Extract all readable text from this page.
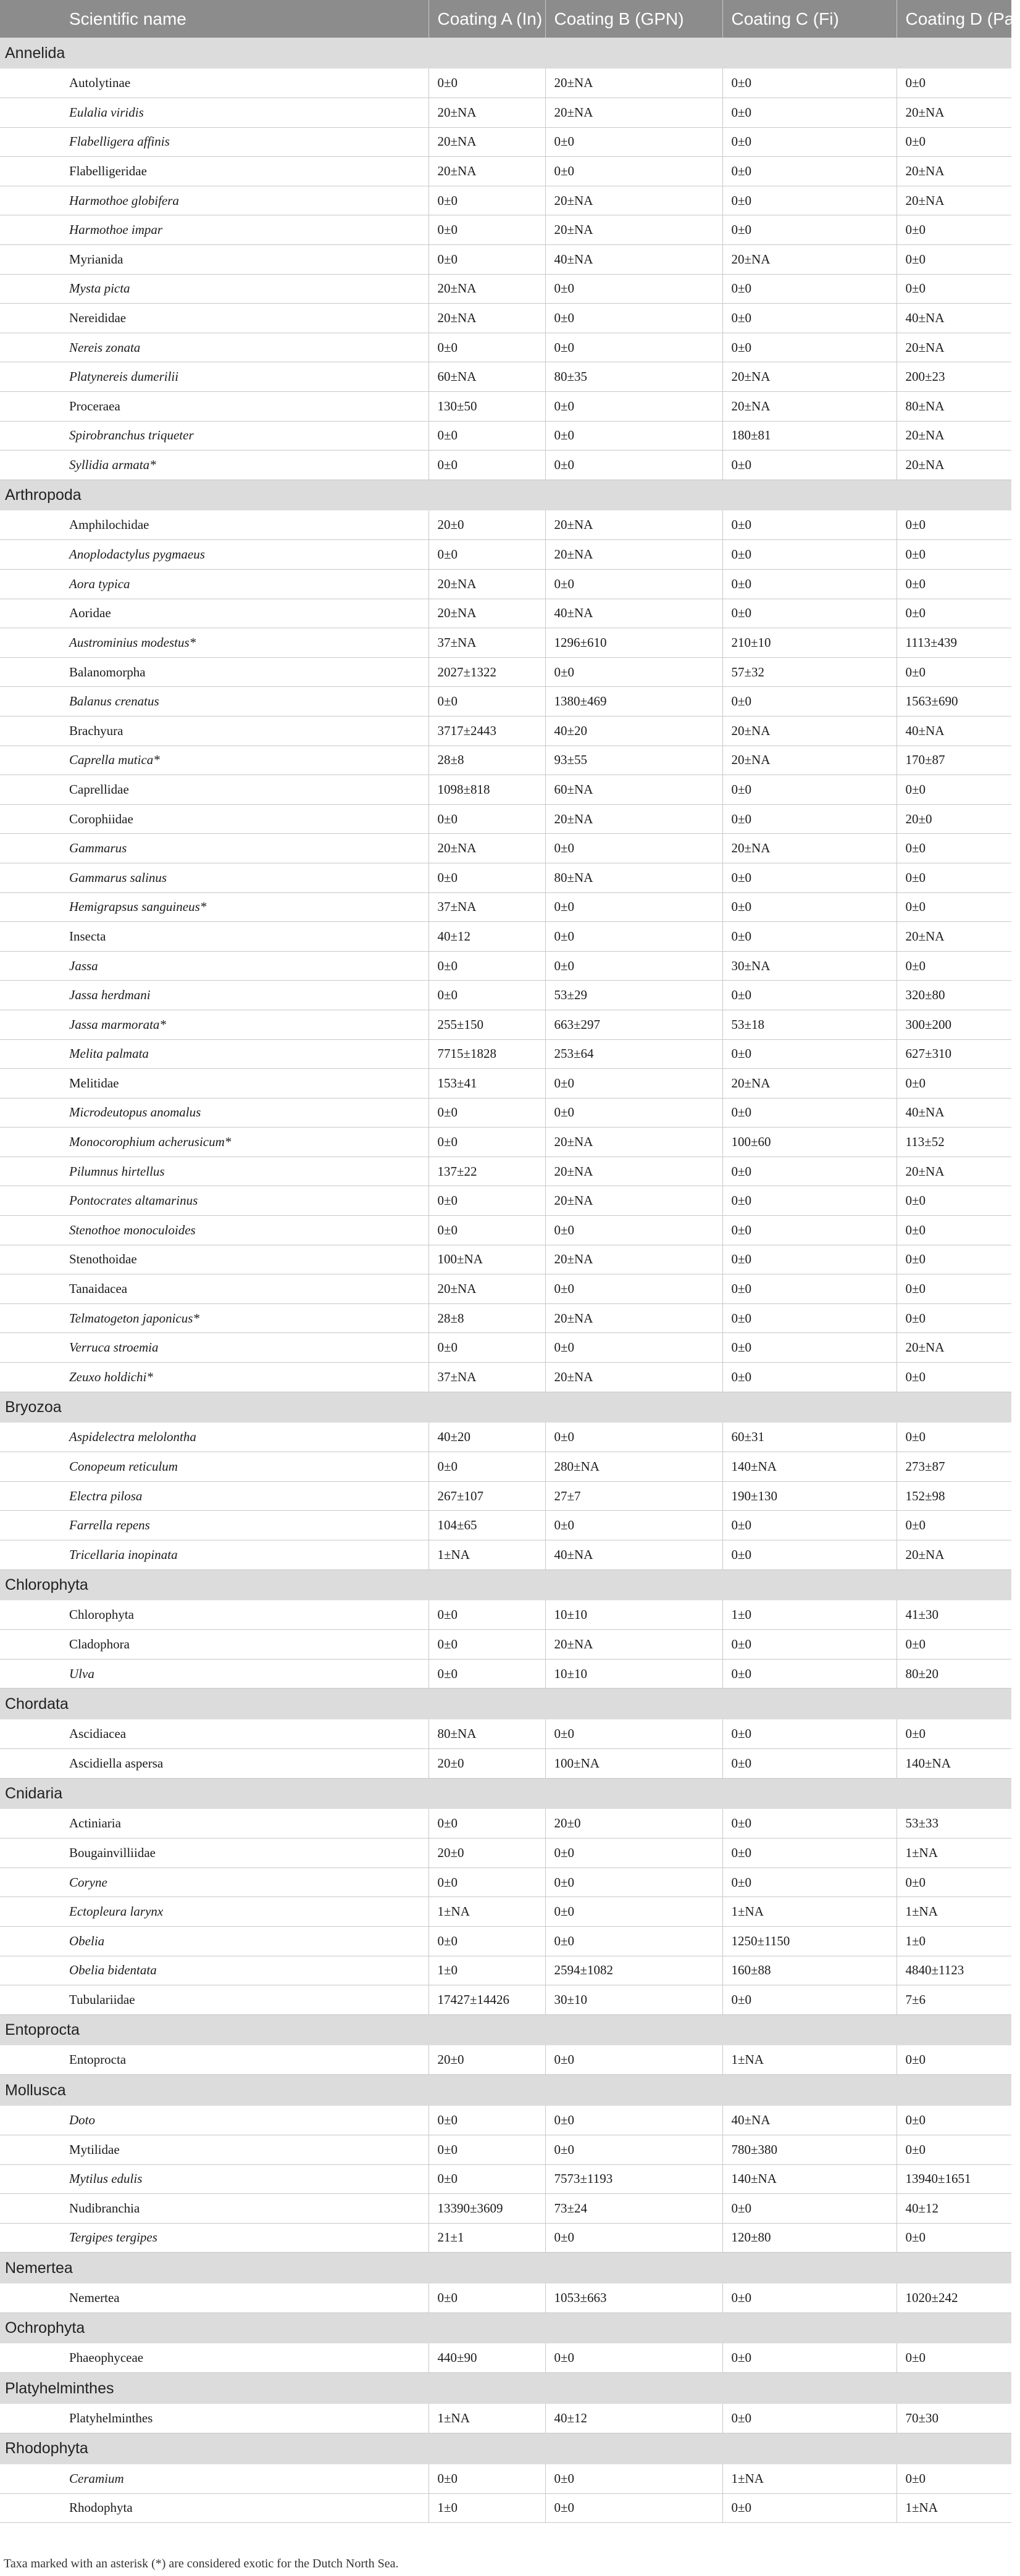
Scientific name	Coating A (In)	Coating B (GPN)	Coating C (Fi)	Coating D (Pa)
Annelida				
Autolytinae	0±0	20±NA	0±0	0±0
Eulalia viridis	20±NA	20±NA	0±0	20±NA
Flabelligera affinis	20±NA	0±0	0±0	0±0
Flabelligeridae	20±NA	0±0	0±0	20±NA
Harmothoe globifera	0±0	20±NA	0±0	20±NA
Harmothoe impar	0±0	20±NA	0±0	0±0
Myrianida	0±0	40±NA	20±NA	0±0
Mysta picta	20±NA	0±0	0±0	0±0
Nereididae	20±NA	0±0	0±0	40±NA
Nereis zonata	0±0	0±0	0±0	20±NA
Platynereis dumerilii	60±NA	80±35	20±NA	200±23
Proceraea	130±50	0±0	20±NA	80±NA
Spirobranchus triqueter	0±0	0±0	180±81	20±NA
Syllidia armata*	0±0	0±0	0±0	20±NA
Arthropoda				
Amphilochidae	20±0	20±NA	0±0	0±0
Anoplodactylus pygmaeus	0±0	20±NA	0±0	0±0
Aora typica	20±NA	0±0	0±0	0±0
Aoridae	20±NA	40±NA	0±0	0±0
Austrominius modestus*	37±NA	1296±610	210±10	1113±439
Balanomorpha	2027±1322	0±0	57±32	0±0
Balanus crenatus	0±0	1380±469	0±0	1563±690
Brachyura	3717±2443	40±20	20±NA	40±NA
Caprella mutica*	28±8	93±55	20±NA	170±87
Caprellidae	1098±818	60±NA	0±0	0±0
Corophiidae	0±0	20±NA	0±0	20±0
Gammarus	20±NA	0±0	20±NA	0±0
Gammarus salinus	0±0	80±NA	0±0	0±0
Hemigrapsus sanguineus*	37±NA	0±0	0±0	0±0
Insecta	40±12	0±0	0±0	20±NA
Jassa	0±0	0±0	30±NA	0±0
Jassa herdmani	0±0	53±29	0±0	320±80
Jassa marmorata*	255±150	663±297	53±18	300±200
Melita palmata	7715±1828	253±64	0±0	627±310
Melitidae	153±41	0±0	20±NA	0±0
Microdeutopus anomalus	0±0	0±0	0±0	40±NA
Monocorophium acherusicum*	0±0	20±NA	100±60	113±52
Pilumnus hirtellus	137±22	20±NA	0±0	20±NA
Pontocrates altamarinus	0±0	20±NA	0±0	0±0
Stenothoe monoculoides	0±0	0±0	0±0	0±0
Stenothoidae	100±NA	20±NA	0±0	0±0
Tanaidacea	20±NA	0±0	0±0	0±0
Telmatogeton japonicus*	28±8	20±NA	0±0	0±0
Verruca stroemia	0±0	0±0	0±0	20±NA
Zeuxo holdichi*	37±NA	20±NA	0±0	0±0
Bryozoa				
Aspidelectra melolontha	40±20	0±0	60±31	0±0
Conopeum reticulum	0±0	280±NA	140±NA	273±87
Electra pilosa	267±107	27±7	190±130	152±98
Farrella repens	104±65	0±0	0±0	0±0
Tricellaria inopinata	1±NA	40±NA	0±0	20±NA
Chlorophyta				
Chlorophyta	0±0	10±10	1±0	41±30
Cladophora	0±0	20±NA	0±0	0±0
Ulva	0±0	10±10	0±0	80±20
Chordata				
Ascidiacea	80±NA	0±0	0±0	0±0
Ascidiella aspersa	20±0	100±NA	0±0	140±NA
Cnidaria				
Actiniaria	0±0	20±0	0±0	53±33
Bougainvilliidae	20±0	0±0	0±0	1±NA
Coryne	0±0	0±0	0±0	0±0
Ectopleura larynx	1±NA	0±0	1±NA	1±NA
Obelia	0±0	0±0	1250±1150	1±0
Obelia bidentata	1±0	2594±1082	160±88	4840±1123
Tubulariidae	17427±14426	30±10	0±0	7±6
Entoprocta				
Entoprocta	20±0	0±0	1±NA	0±0
Mollusca				
Doto	0±0	0±0	40±NA	0±0
Mytilidae	0±0	0±0	780±380	0±0
Mytilus edulis	0±0	7573±1193	140±NA	13940±1651
Nudibranchia	13390±3609	73±24	0±0	40±12
Tergipes tergipes	21±1	0±0	120±80	0±0
Nemertea				
Nemertea	0±0	1053±663	0±0	1020±242
Ochrophyta				
Phaeophyceae	440±90	0±0	0±0	0±0
Platyhelminthes				
Platyhelminthes	1±NA	40±12	0±0	70±30
Rhodophyta				
Ceramium	0±0	0±0	1±NA	0±0
Rhodophyta	1±0	0±0	0±0	1±NA
Taxa marked with an asterisk (*) are considered exotic for the Dutch North Sea.
